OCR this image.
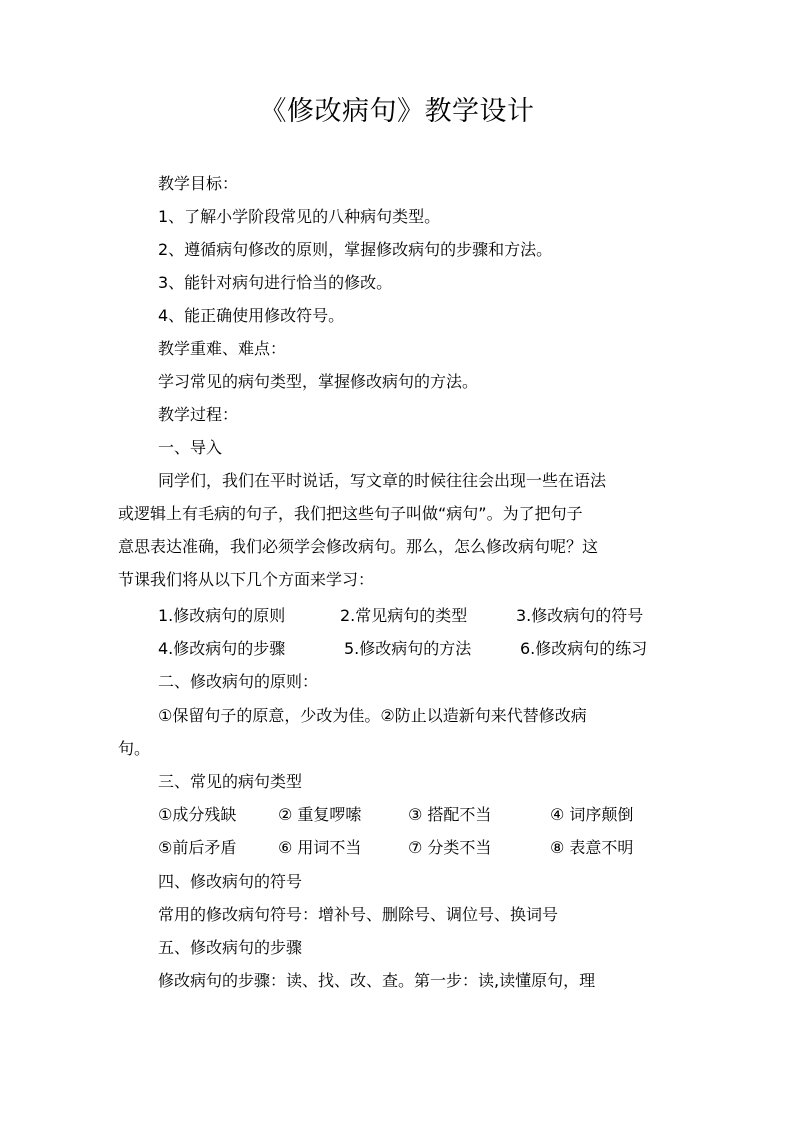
《修改病句》教学设计
教学目标：
1、了解小学阶段常见的八种病句类型。
2、遵循病句修改的原则，掌握修改病句的步骤和方法。
3、能针对病句进行恰当的修改。
4、能正确使用修改符号。
教学重难、难点：
学习常见的病句类型，掌握修改病句的方法。
教学过程：
一、导入
同学们，我们在平时说话，写文章的时候往往会出现一些在语法
或逻辑上有毛病的句子，我们把这些句子叫做“病句”。为了把句子
意思表达准确，我们必须学会修改病句。那么，怎么修改病句呢？这
节课我们将从以下几个方面来学习：
1.修改病句的原则	2.常见病句的类型	3.修改病句的符号
4.修改病句的步骤	5.修改病句的方法	6.修改病句的练习
二、修改病句的原则：
①保留句子的原意，少改为佳。②防止以造新句来代替修改病
句。
三、常见的病句类型
①成分残缺	② 重复啰嗦	③ 搭配不当	④ 词序颠倒
⑤前后矛盾	⑥ 用词不当	⑦ 分类不当	⑧ 表意不明
四、修改病句的符号
常用的修改病句符号：增补号、删除号、调位号、换词号
五、修改病句的步骤
修改病句的步骤：读、找、改、查。第一步：读,读懂原句，理
